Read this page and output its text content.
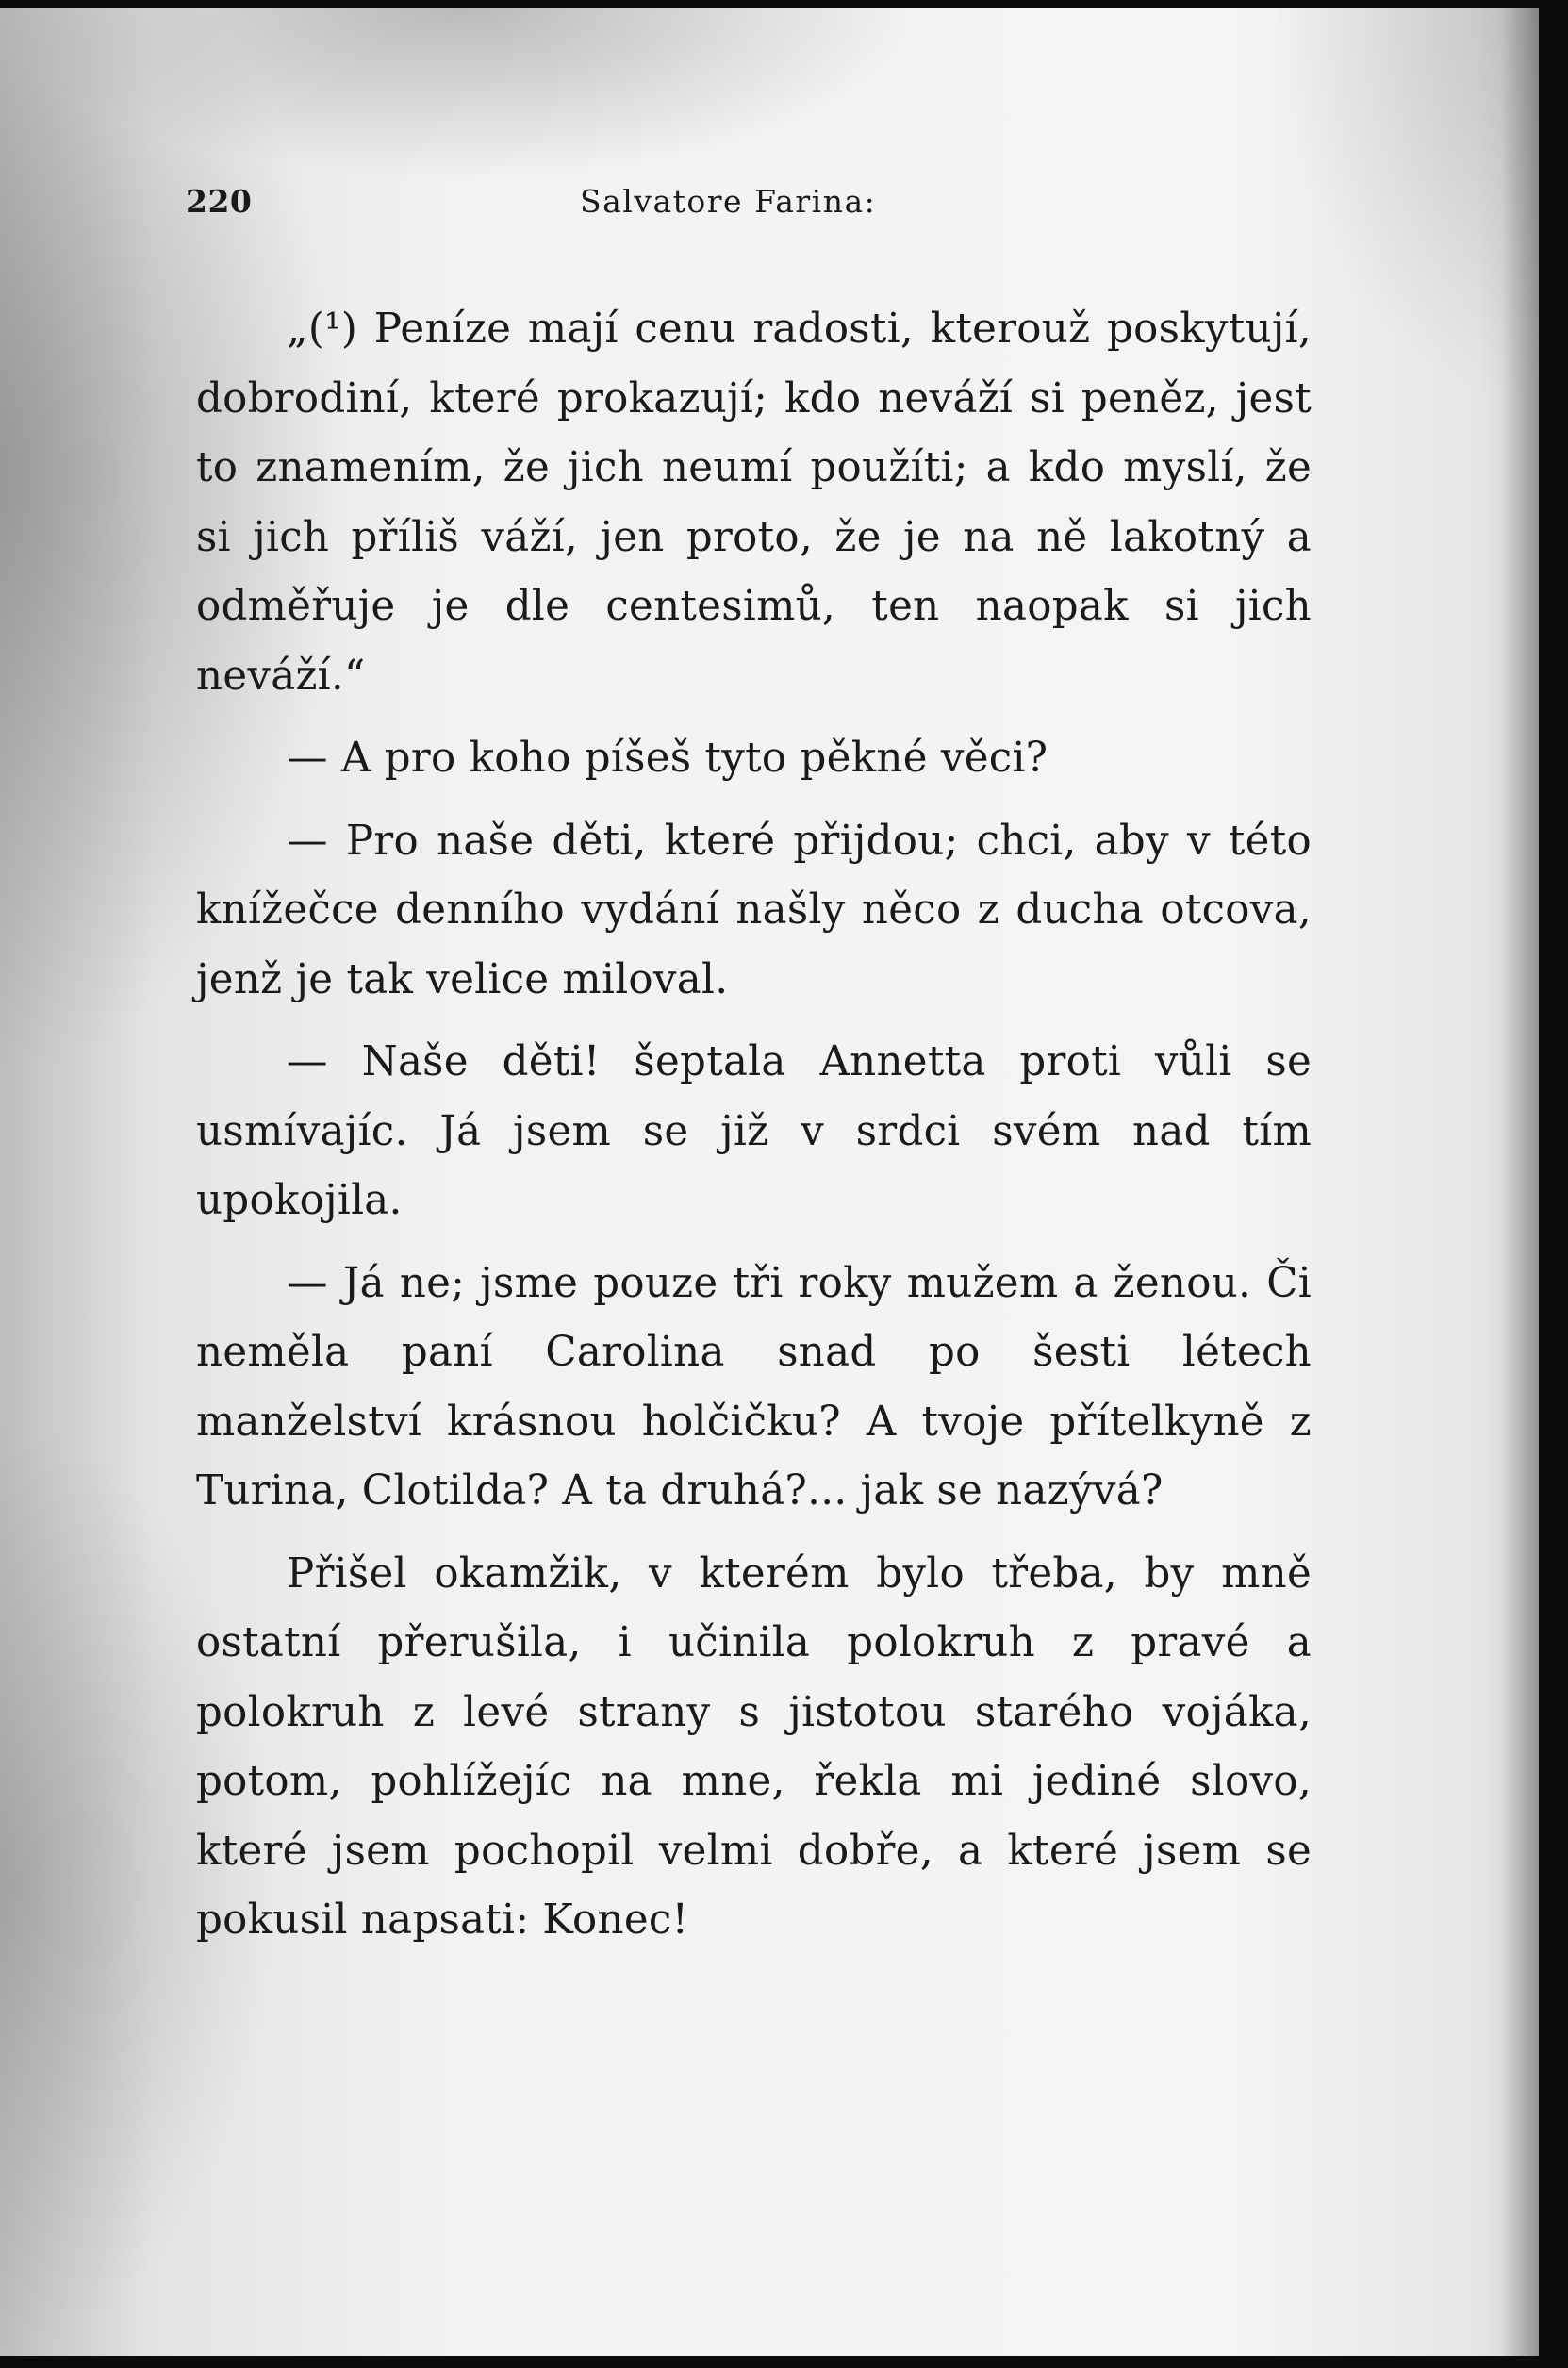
220	Salvatore Farina:

„(¹) Peníze mají cenu radosti, kterouž poskytují, dobrodiní, které prokazují; kdo neváží si peněz, jest to znamením, že jich neumí použíti; a kdo myslí, že si jich příliš váží, jen proto, že je na ně lakotný a odměřuje je dle centesimů, ten naopak si jich neváží.“

— A pro koho píšeš tyto pěkné věci?

— Pro naše děti, které přijdou; chci, aby v této knížečce denního vydání našly něco z ducha otcova, jenž je tak velice miloval.

— Naše děti! šeptala Annetta proti vůli se usmívajíc. Já jsem se již v srdci svém nad tím upokojila.

— Já ne; jsme pouze tři roky mužem a ženou. Či neměla paní Carolina snad po šesti létech manželství krásnou holčičku? A tvoje přítelkyně z Turina, Clotilda? A ta druhá?... jak se nazývá?

Přišel okamžik, v kterém bylo třeba, by mně ostatní přerušila, i učinila polokruh z pravé a polokruh z levé strany s jistotou starého vojáka, potom, pohlížejíc na mne, řekla mi jediné slovo, které jsem pochopil velmi dobře, a které jsem se pokusil napsati: Konec!
